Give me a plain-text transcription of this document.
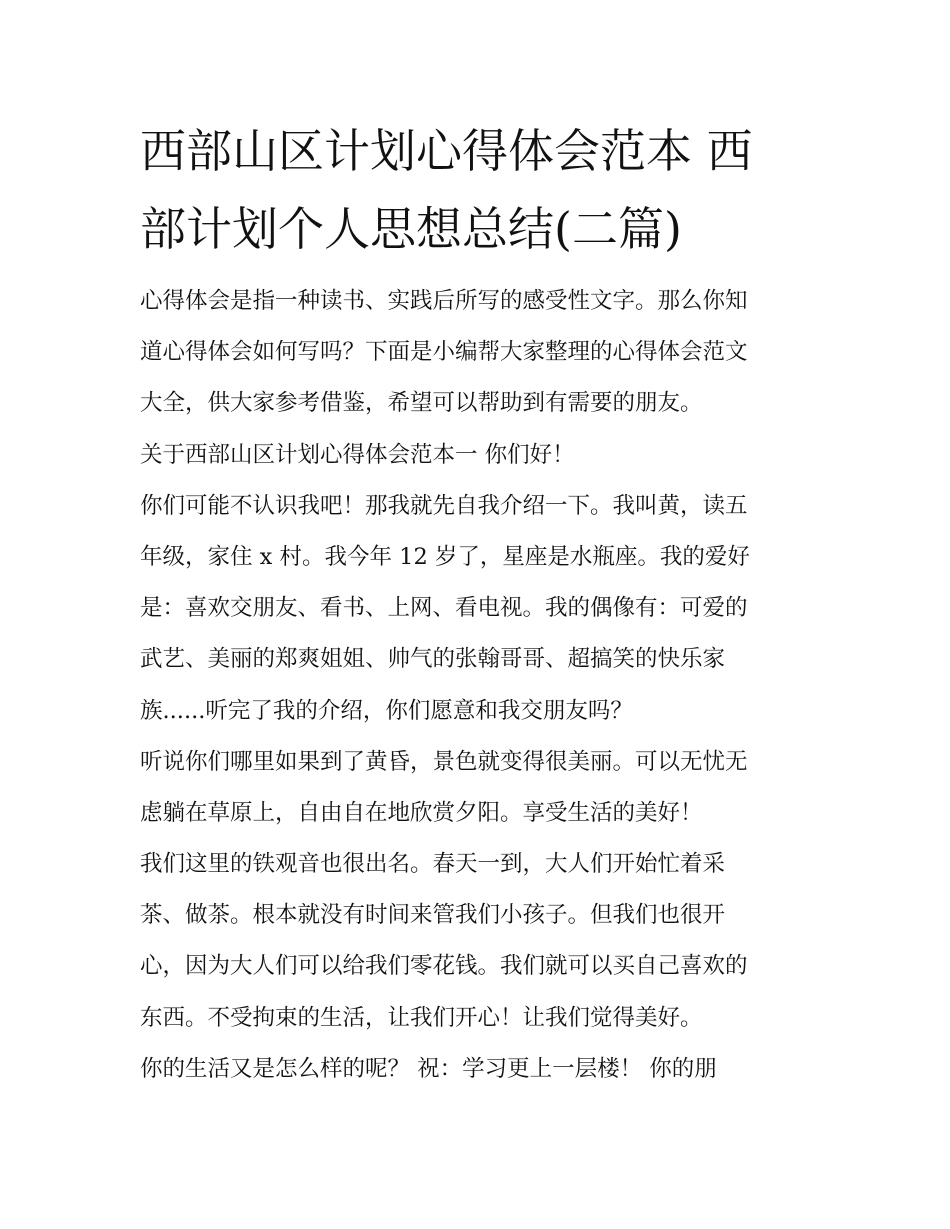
西部山区计划心得体会范本 西
部计划个人思想总结(二篇)
心得体会是指一种读书、实践后所写的感受性文字。那么你知
道心得体会如何写吗？下面是小编帮大家整理的心得体会范文
大全，供大家参考借鉴，希望可以帮助到有需要的朋友。
关于西部山区计划心得体会范本一 你们好！
你们可能不认识我吧！那我就先自我介绍一下。我叫黄，读五
年级，家住 x 村。我今年 12 岁了，星座是水瓶座。我的爱好
是：喜欢交朋友、看书、上网、看电视。我的偶像有：可爱的
武艺、美丽的郑爽姐姐、帅气的张翰哥哥、超搞笑的快乐家
族......听完了我的介绍，你们愿意和我交朋友吗？
听说你们哪里如果到了黄昏，景色就变得很美丽。可以无忧无
虑躺在草原上，自由自在地欣赏夕阳。享受生活的美好！
我们这里的铁观音也很出名。春天一到，大人们开始忙着采
茶、做茶。根本就没有时间来管我们小孩子。但我们也很开
心，因为大人们可以给我们零花钱。我们就可以买自己喜欢的
东西。不受拘束的生活，让我们开心！让我们觉得美好。
你的生活又是怎么样的呢？ 祝：学习更上一层楼！ 你的朋
